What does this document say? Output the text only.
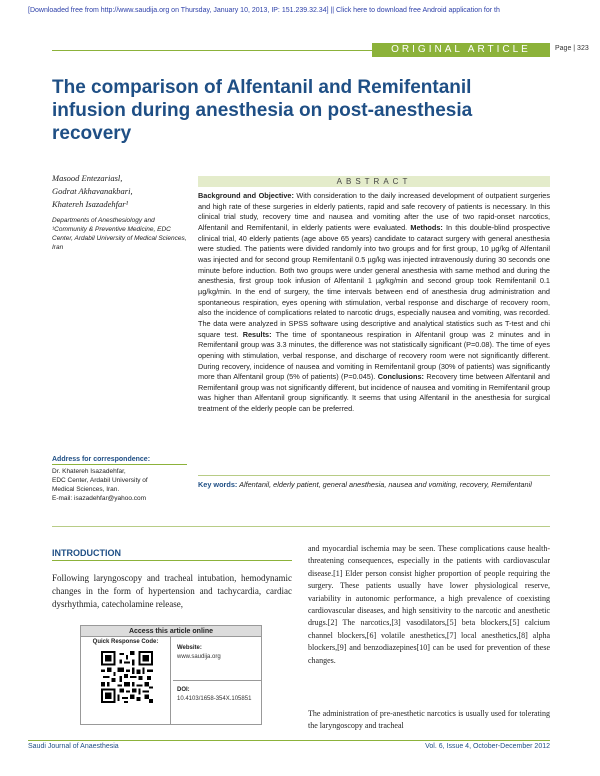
[Downloaded free from http://www.saudija.org on Thursday, January 10, 2013, IP: 151.239.32.34] || Click here to download free Android application for th
ORIGINAL ARTICLE	Page | 323
The comparison of Alfentanil and Remifentanil infusion during anesthesia on post-anesthesia recovery
Masood Entezariasl,
Godrat Akhavanakbari,
Khatereh Isazadehfar¹
Departments of Anesthesiology and ¹Community & Preventive Medicine, EDC Center, Ardabil University of Medical Sciences, Iran
ABSTRACT
Background and Objective: With consideration to the daily increased development of outpatient surgeries and high rate of these surgeries in elderly patients, rapid and safe recovery of patients is necessary. In this clinical trial study, recovery time and nausea and vomiting after the use of two rapid-onset narcotics, Alfentanil and Remifentanil, in elderly patients were evaluated. Methods: In this double-blind prospective clinical trial, 40 elderly patients (age above 65 years) candidate to cataract surgery with general anesthesia were studied. The patients were divided randomly into two groups and for first group, 10 µg/kg of Alfentanil was injected and for second group Remifentanil 0.5 µg/kg was injected intravenously during 30 seconds one minute before induction. Both two groups were under general anesthesia with same method and during the anesthesia, first group took infusion of Alfentanil 1 µg/kg/min and second group took Remifentanil 0.1 µg/kg/min. In the end of surgery, the time intervals between end of anesthesia drug administration and spontaneous respiration, eyes opening with stimulation, verbal response and discharge of recovery room, also the incidence of complications related to narcotic drugs, especially nausea and vomiting, was recorded. The data were analyzed in SPSS software using descriptive and analytical statistics such as T-test and chi square test. Results: The time of spontaneous respiration in Alfentanil group was 2 minutes and in Remifentanil group was 3.3 minutes, the difference was not statistically significant (P=0.08). The time of eyes opening with stimulation, verbal response, and discharge of recovery room were not significantly different. During recovery, incidence of nausea and vomiting in Remifentanil group (30% of patients) was significantly more than Alfentanil group (5% of patients) (P=0.045). Conclusions: Recovery time between Alfentanil and Remifentanil group was not significantly different, but incidence of nausea and vomiting in Remifentanil group was higher than Alfentanil group significantly. It seems that using Alfentanil in the anesthesia for surgical treatment of the elderly people can be preferred.
Key words: Alfentanil, elderly patient, general anesthesia, nausea and vomiting, recovery, Remifentanil
Address for correspondence:
Dr. Khatereh Isazadehfar,
EDC Center, Ardabil University of
Medical Sciences, Iran.
E-mail: isazadehfar@yahoo.com
INTRODUCTION

Following laryngoscopy and tracheal intubation, hemodynamic changes in the form of hypertension and tachycardia, cardiac dysrhythmia, catecholamine release,

and myocardial ischemia may be seen. These complications cause health-threatening consequences, especially in the patients with cardiovascular disease.[1] Elder person consist higher proportion of people requiring the surgery. These patients usually have lower physiological reserve, variability in autonomic performance, a high prevalence of coexisting cardiovascular diseases, and high sensitivity to the narcotic and anesthetic drugs.[2] The narcotics,[3] vasodilators,[5] beta blockers,[5] calcium channel blockers,[6] volatile anesthetics,[7] local anesthetics,[8] alpha blockers,[9] and benzodiazepines[10] can be used for prevention of these changes.

The administration of pre-anesthetic narcotics is usually used for tolerating the laryngoscopy and tracheal

Access this article online
Quick Response Code:
Website:
www.saudija.org
DOI:
10.4103/1658-354X.105851
Saudi Journal of Anaesthesia	Vol. 6, Issue 4, October-December 2012
